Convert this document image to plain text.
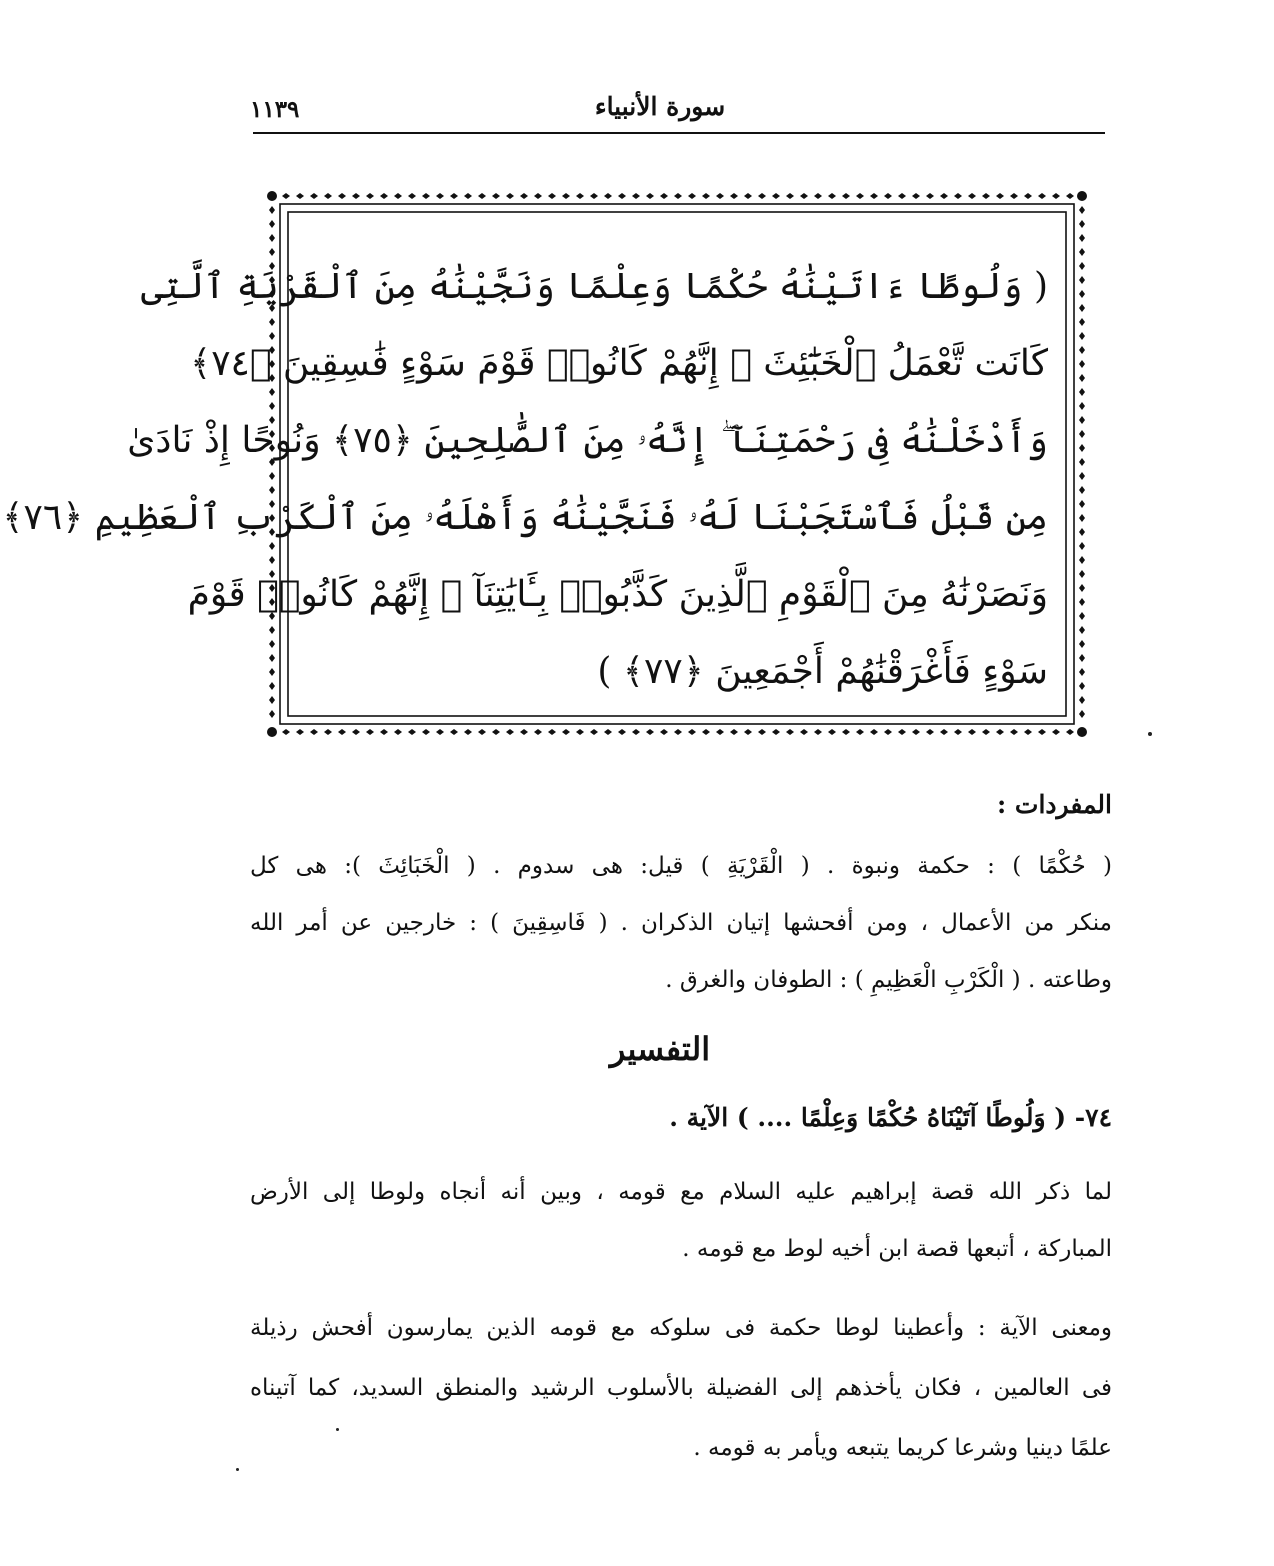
سورة الأنبياء
١١٣٩
( وَلُوطًا ءَاتَيْنَٰهُ حُكْمًا وَعِلْمًا وَنَجَّيْنَٰهُ مِنَ ٱلْقَرْيَةِ ٱلَّتِى
كَانَت تَّعْمَلُ ٱلْخَبَٰٓئِثَ ۗ إِنَّهُمْ كَانُوا۟ قَوْمَ سَوْءٍ فَٰسِقِينَ ﴿٧٤﴾
وَأَدْخَلْنَٰهُ فِى رَحْمَتِنَآ ۖ إِنَّهُۥ مِنَ ٱلصَّٰلِحِينَ ﴿٧٥﴾ وَنُوحًا إِذْ نَادَىٰ
مِن قَبْلُ فَٱسْتَجَبْنَا لَهُۥ فَنَجَّيْنَٰهُ وَأَهْلَهُۥ مِنَ ٱلْكَرْبِ ٱلْعَظِيمِ ﴿٧٦﴾
وَنَصَرْنَٰهُ مِنَ ٱلْقَوْمِ ٱلَّذِينَ كَذَّبُوا۟ بِـَٔايَٰتِنَآ ۚ إِنَّهُمْ كَانُوا۟ قَوْمَ
سَوْءٍ فَأَغْرَقْنَٰهُمْ أَجْمَعِينَ ﴿٧٧﴾ )
المفردات :
( حُكْمًا ) : حكمة ونبوة . ( الْقَرْيَةِ ) قيل: هى سدوم . ( الْخَبَائِثَ ): هى كل
منكر من الأعمال ، ومن أفحشها إتيان الذكران . ( فَاسِقِينَ ) : خارجين عن أمر الله
وطاعته . ( الْكَرْبِ الْعَظِيمِ ) : الطوفان والغرق .
التفسير
٧٤- ( وَلُوطًا آتَيْنَاهُ حُكْمًا وَعِلْمًا .... ) الآية .
لما ذكر الله قصة إبراهيم عليه السلام مع قومه ، وبين أنه أنجاه ولوطا إلى الأرض
المباركة ، أتبعها قصة ابن أخيه لوط مع قومه .
ومعنى الآية : وأعطينا لوطا حكمة فى سلوكه مع قومه الذين يمارسون أفحش رذيلة
فى العالمين ، فكان يأخذهم إلى الفضيلة بالأسلوب الرشيد والمنطق السديد، كما آتيناه
علمًا دينيا وشرعا كريما يتبعه ويأمر به قومه .
